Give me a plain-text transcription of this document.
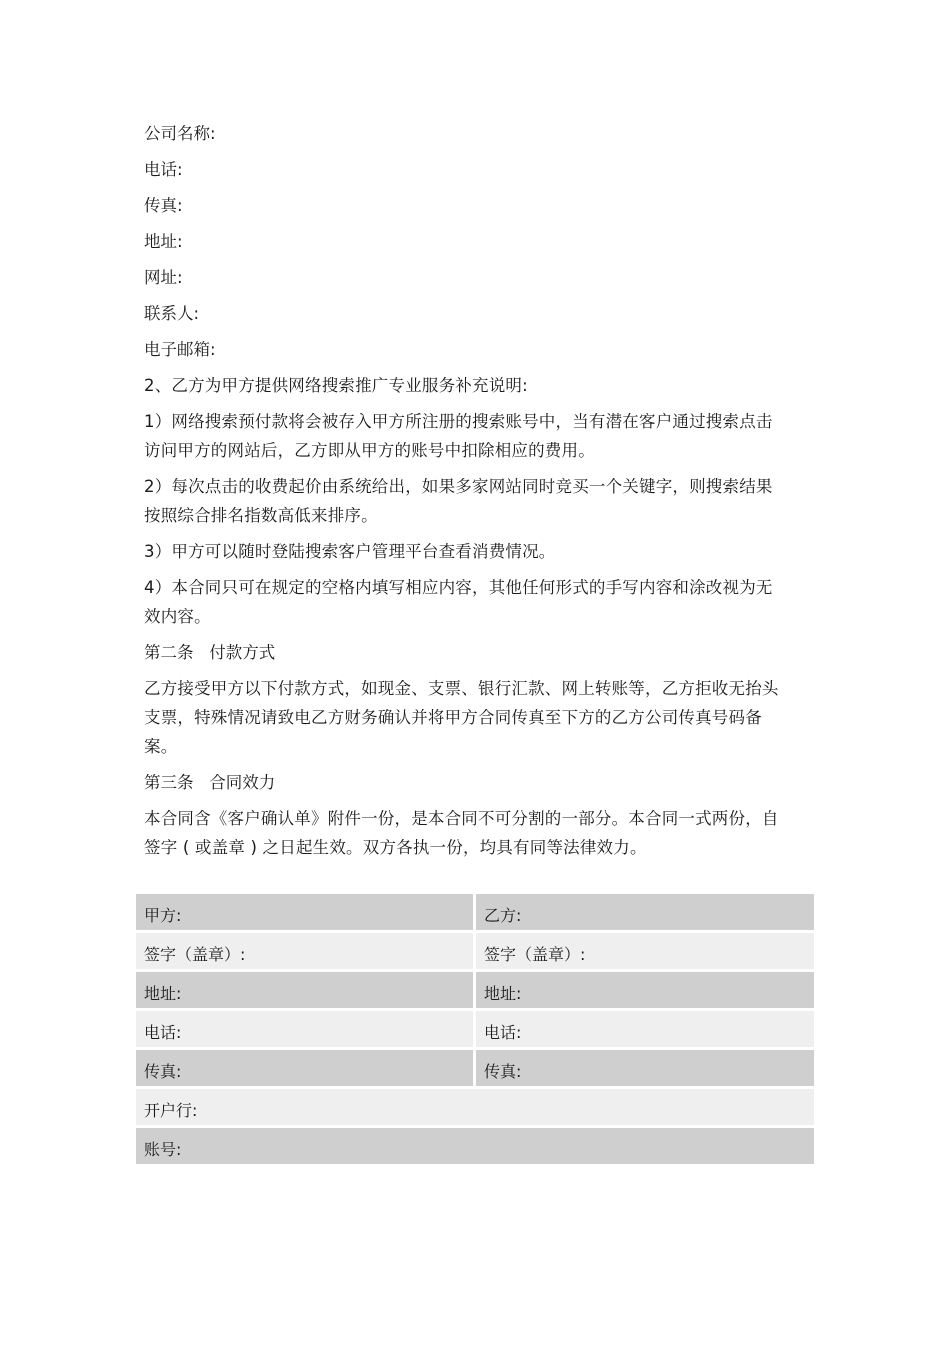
公司名称:
电话:
传真:
地址:
网址:
联系人:
电子邮箱:
2、乙方为甲方提供网络搜索推广专业服务补充说明:
1）网络搜索预付款将会被存入甲方所注册的搜索账号中，当有潜在客户通过搜索点击访问甲方的网站后，乙方即从甲方的账号中扣除相应的费用。
2）每次点击的收费起价由系统给出，如果多家网站同时竞买一个关键字，则搜索结果按照综合排名指数高低来排序。
3）甲方可以随时登陆搜索客户管理平台查看消费情况。
4）本合同只可在规定的空格内填写相应内容，其他任何形式的手写内容和涂改视为无效内容。
第二条   付款方式
乙方接受甲方以下付款方式，如现金、支票、银行汇款、网上转账等，乙方拒收无抬头支票，特殊情况请致电乙方财务确认并将甲方合同传真至下方的乙方公司传真号码备案。
第三条   合同效力
本合同含《客户确认单》附件一份，是本合同不可分割的一部分。本合同一式两份，自签字 ( 或盖章 ) 之日起生效。双方各执一份，均具有同等法律效力。
甲方:	乙方:
签字（盖章）:	签字（盖章）:
地址:	地址:
电话:	电话:
传真:	传真:
开户行:	
账号:	
